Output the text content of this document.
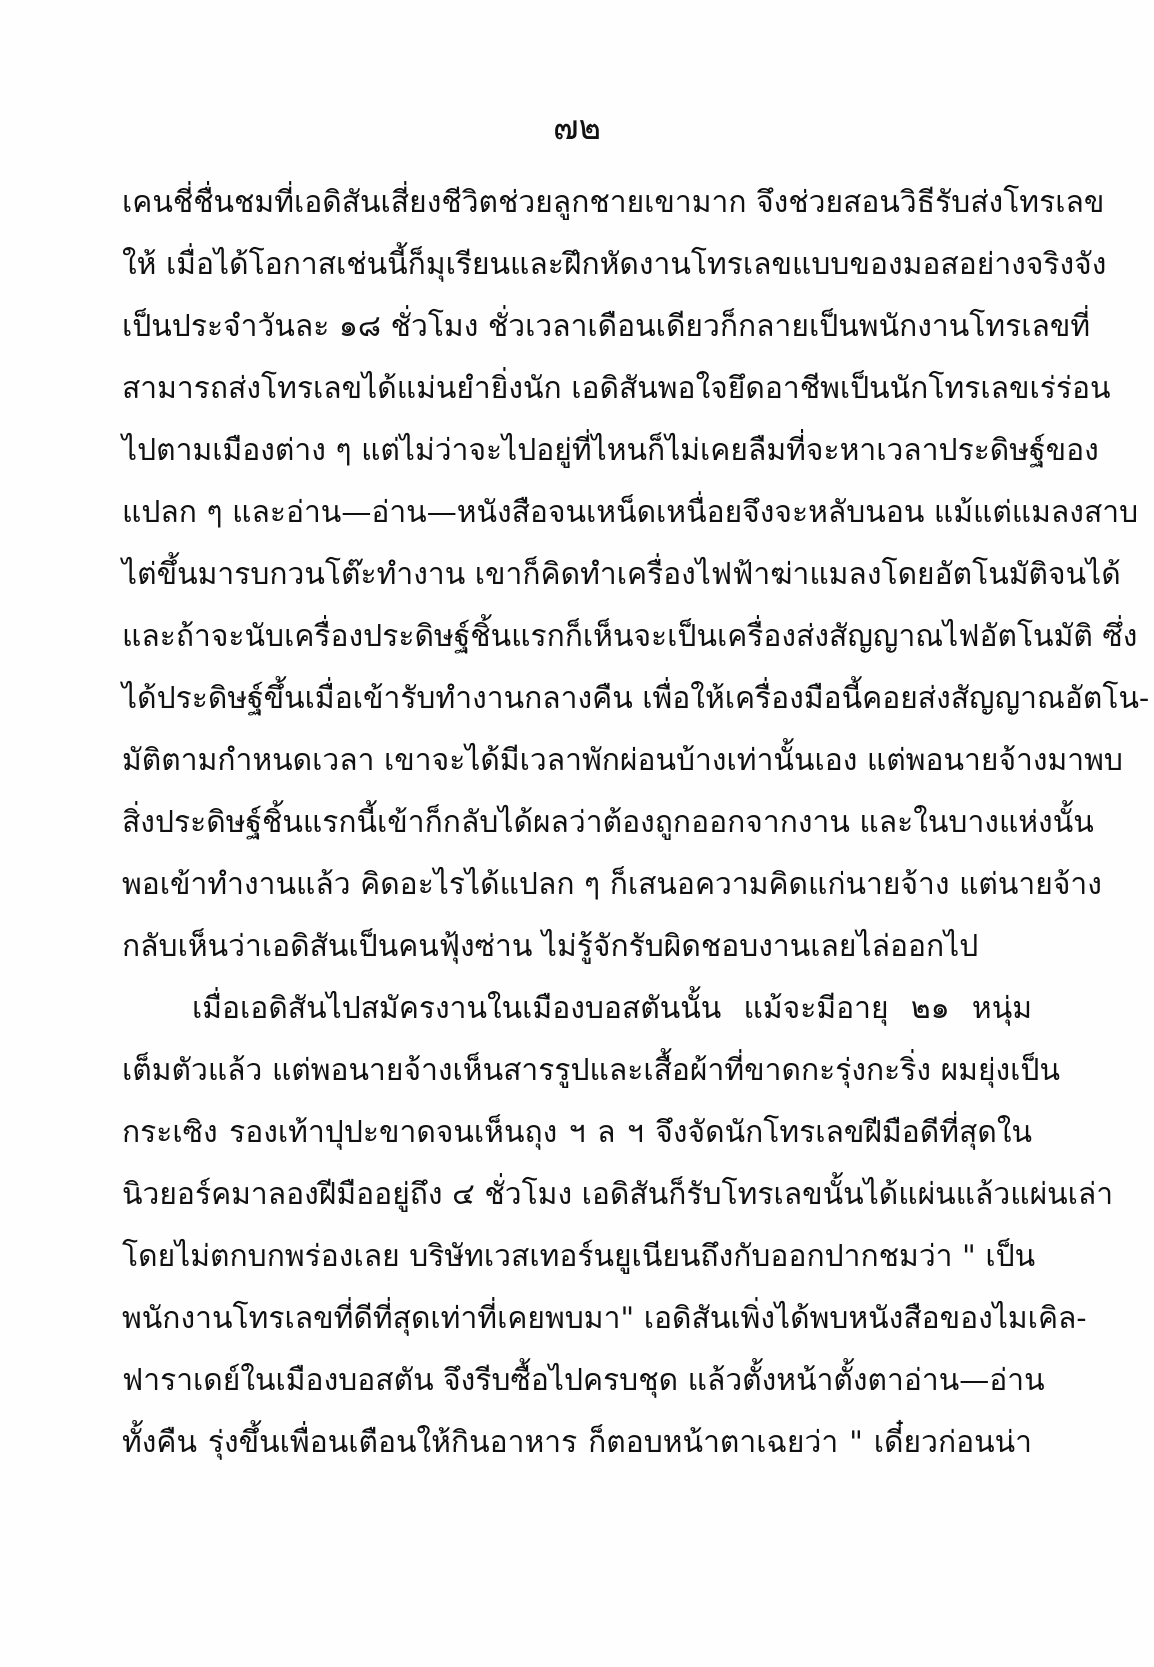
๗๒
เคนชี่ชื่นชมที่เอดิสันเสี่ยงชีวิตช่วยลูกชายเขามาก จึงช่วยสอนวิธีรับส่งโทรเลข
ให้ เมื่อได้โอกาสเช่นนี้ก็มุเรียนและฝึกหัดงานโทรเลขแบบของมอสอย่างจริงจัง
เป็นประจำวันละ ๑๘ ชั่วโมง ชั่วเวลาเดือนเดียวก็กลายเป็นพนักงานโทรเลขที่
สามารถส่งโทรเลขได้แม่นยำยิ่งนัก เอดิสันพอใจยึดอาชีพเป็นนักโทรเลขเร่ร่อน
ไปตามเมืองต่าง ๆ แต่ไม่ว่าจะไปอยู่ที่ไหนก็ไม่เคยลืมที่จะหาเวลาประดิษฐ์ของ
แปลก ๆ และอ่าน—อ่าน—หนังสือจนเหน็ดเหนื่อยจึงจะหลับนอน แม้แต่แมลงสาบ
ไต่ขึ้นมารบกวนโต๊ะทำงาน เขาก็คิดทำเครื่องไฟฟ้าฆ่าแมลงโดยอัตโนมัติจนได้
และถ้าจะนับเครื่องประดิษฐ์ชิ้นแรกก็เห็นจะเป็นเครื่องส่งสัญญาณไฟอัตโนมัติ ซึ่ง
ได้ประดิษฐ์ขึ้นเมื่อเข้ารับทำงานกลางคืน เพื่อให้เครื่องมือนี้คอยส่งสัญญาณอัตโน-
มัติตามกำหนดเวลา เขาจะได้มีเวลาพักผ่อนบ้างเท่านั้นเอง แต่พอนายจ้างมาพบ
สิ่งประดิษฐ์ชิ้นแรกนี้เข้าก็กลับได้ผลว่าต้องถูกออกจากงาน และในบางแห่งนั้น
พอเข้าทำงานแล้ว คิดอะไรได้แปลก ๆ ก็เสนอความคิดแก่นายจ้าง แต่นายจ้าง
กลับเห็นว่าเอดิสันเป็นคนฟุ้งซ่าน ไม่รู้จักรับผิดชอบงานเลยไล่ออกไป
เมื่อเอดิสันไปสมัครงานในเมืองบอสตันนั้น แม้จะมีอายุ ๒๑ หนุ่ม
เต็มตัวแล้ว แต่พอนายจ้างเห็นสารรูปและเสื้อผ้าที่ขาดกะรุ่งกะริ่ง ผมยุ่งเป็น
กระเซิง รองเท้าปุปะขาดจนเห็นถุง ฯ ล ฯ จึงจัดนักโทรเลขฝีมือดีที่สุดใน
นิวยอร์คมาลองฝีมืออยู่ถึง ๔ ชั่วโมง เอดิสันก็รับโทรเลขนั้นได้แผ่นแล้วแผ่นเล่า
โดยไม่ตกบกพร่องเลย บริษัทเวสเทอร์นยูเนียนถึงกับออกปากชมว่า " เป็น
พนักงานโทรเลขที่ดีที่สุดเท่าที่เคยพบมา" เอดิสันเพิ่งได้พบหนังสือของไมเคิล-
ฟาราเดย์ในเมืองบอสตัน จึงรีบซื้อไปครบชุด แล้วตั้งหน้าตั้งตาอ่าน—อ่าน
ทั้งคืน รุ่งขึ้นเพื่อนเตือนให้กินอาหาร ก็ตอบหน้าตาเฉยว่า " เดี๋ยวก่อนน่า
